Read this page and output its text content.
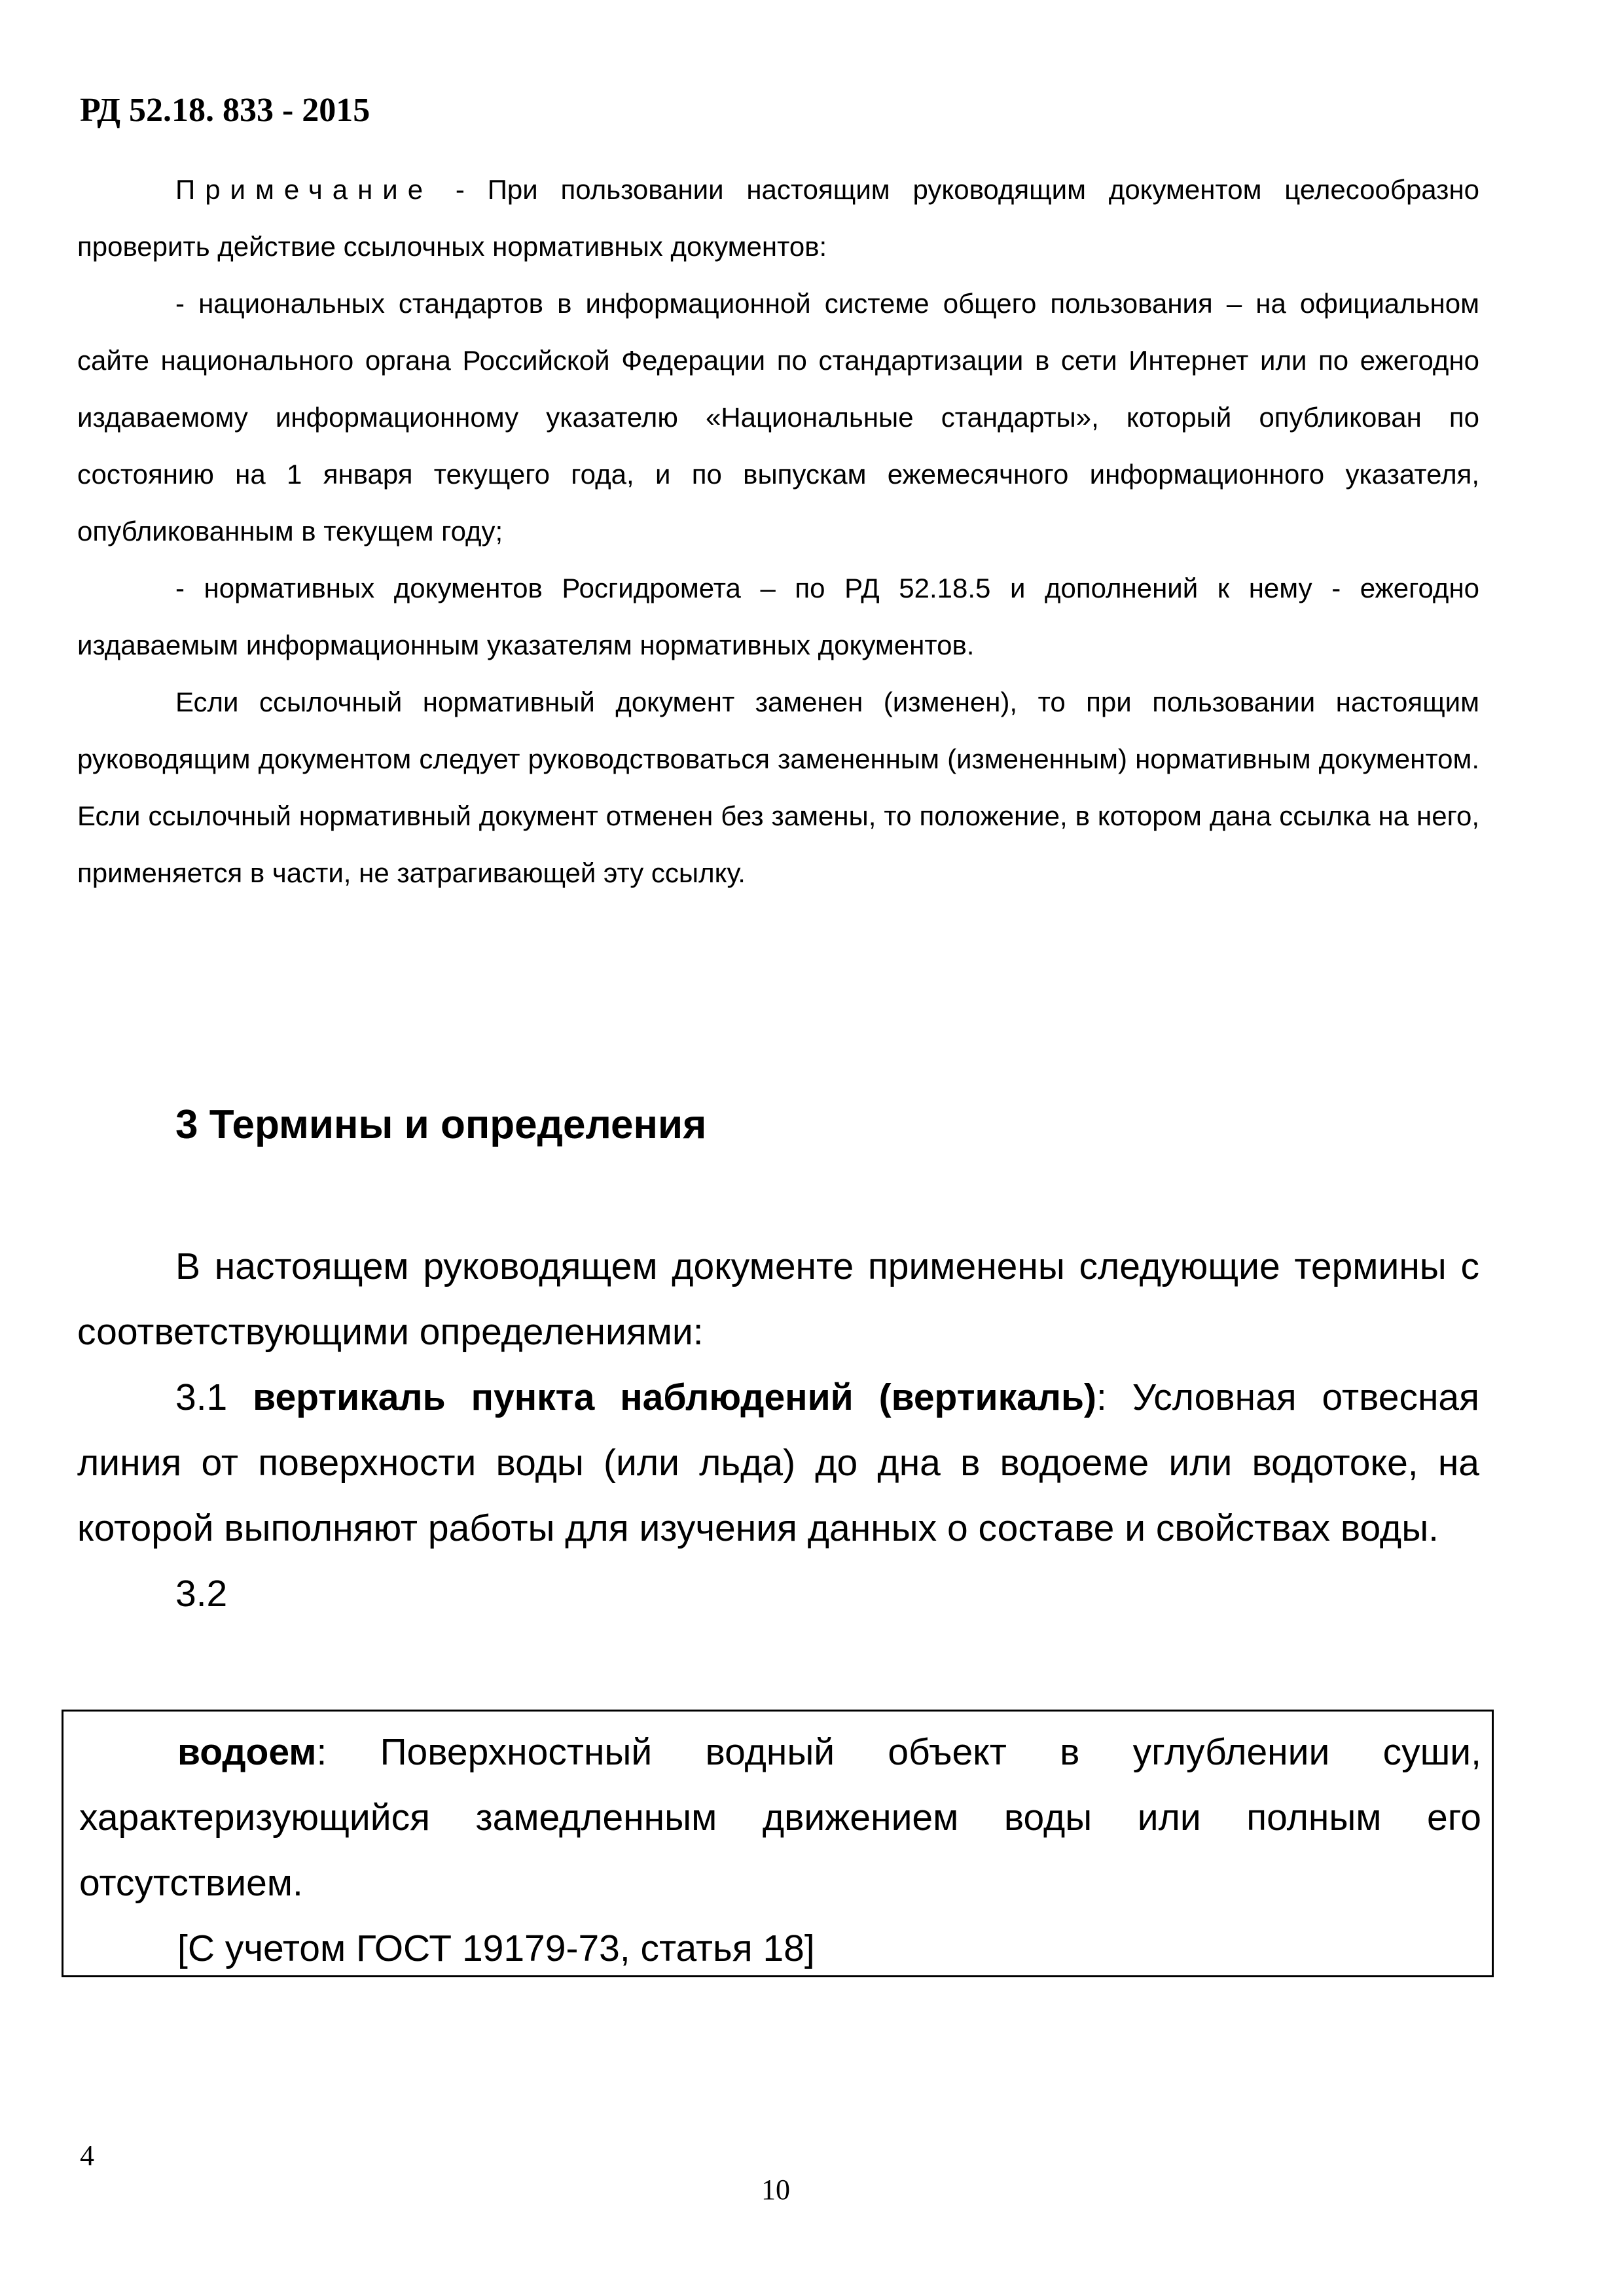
РД 52.18. 833 - 2015

Примечание - При пользовании настоящим руководящим документом целесообразно проверить действие ссылочных нормативных документов:

- национальных стандартов в информационной системе общего пользования – на официальном сайте национального органа Российской Федерации по стандартизации в сети Интернет или по ежегодно издаваемому информационному указателю «Национальные стандарты», который опубликован по состоянию на 1 января текущего года, и по выпускам ежемесячного информационного указателя, опубликованным в текущем году;

- нормативных документов Росгидромета – по РД 52.18.5 и дополнений к нему - ежегодно издаваемым информационным указателям нормативных документов.

Если ссылочный нормативный документ заменен (изменен), то при пользовании настоящим руководящим документом следует руководствоваться замененным (измененным) нормативным документом. Если ссылочный нормативный документ отменен без замены, то положение, в котором дана ссылка на него, применяется в части, не затрагивающей эту ссылку.

3 Термины и определения

В настоящем руководящем документе применены следующие термины с соответствующими определениями:

3.1 вертикаль пункта наблюдений (вертикаль): Условная отвесная линия от поверхности воды (или льда) до дна в водоеме или водотоке, на которой выполняют работы для изучения данных о составе и свойствах воды.

3.2

водоем: Поверхностный водный объект в углублении суши, характеризующийся замедленным движением воды или полным его отсутствием.

[С учетом ГОСТ 19179-73, статья 18]

4
10
